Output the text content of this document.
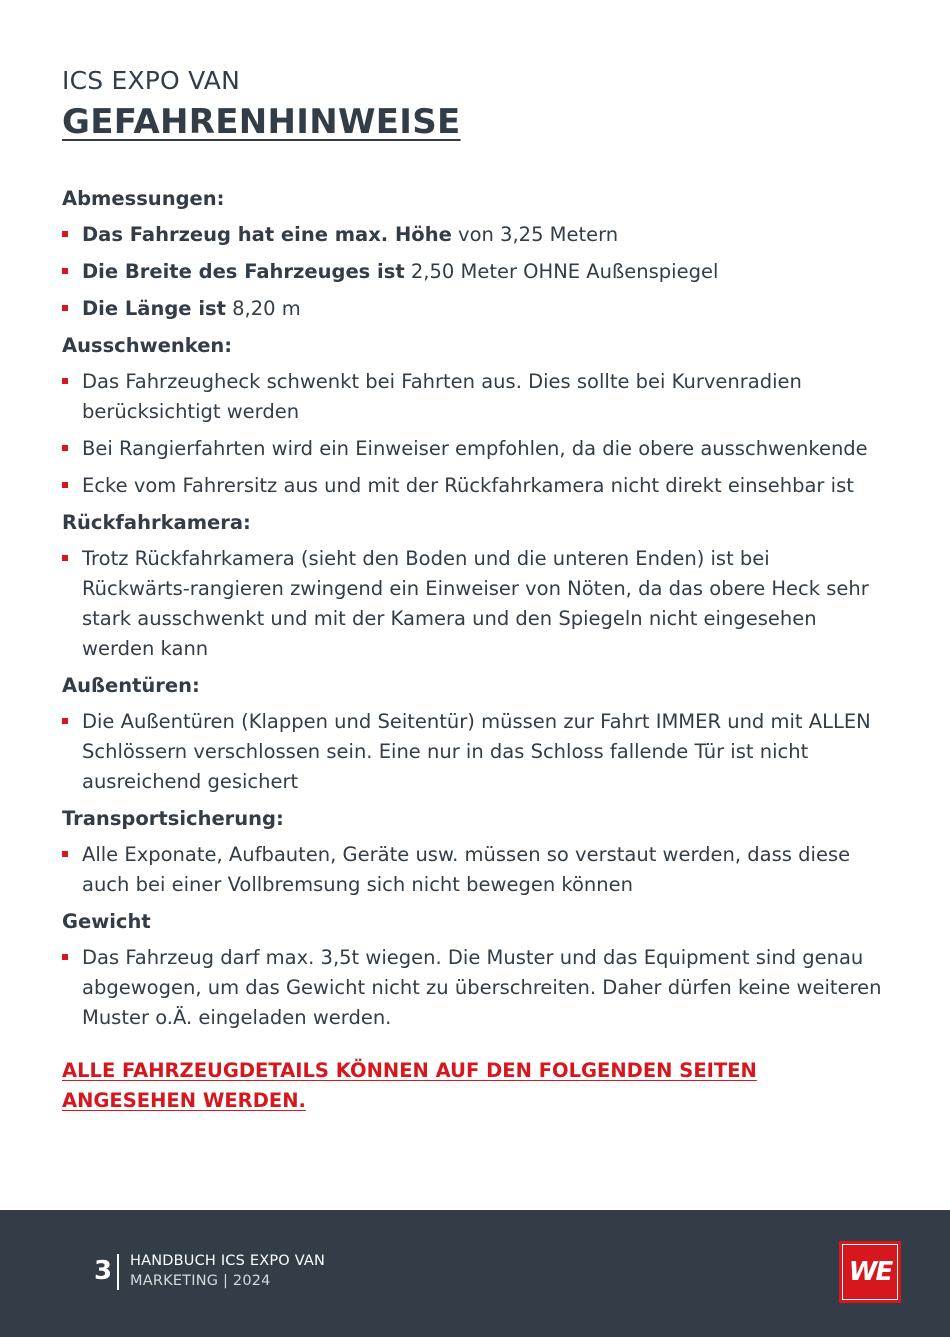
ICS EXPO VAN
GEFAHRENHINWEISE
Abmessungen:
Das Fahrzeug hat eine max. Höhe von 3,25 Metern
Die Breite des Fahrzeuges ist 2,50 Meter OHNE Außenspiegel
Die Länge ist 8,20 m
Ausschwenken:
Das Fahrzeugheck schwenkt bei Fahrten aus. Dies sollte bei Kurvenradien berücksichtigt werden
Bei Rangierfahrten wird ein Einweiser empfohlen, da die obere ausschwenkende
Ecke vom Fahrersitz aus und mit der Rückfahrkamera nicht direkt einsehbar ist
Rückfahrkamera:
Trotz Rückfahrkamera (sieht den Boden und die unteren Enden) ist bei Rückwärts-rangieren zwingend ein Einweiser von Nöten, da das obere Heck sehr stark ausschwenkt und mit der Kamera und den Spiegeln nicht eingesehen werden kann
Außentüren:
Die Außentüren (Klappen und Seitentür) müssen zur Fahrt IMMER und mit ALLEN Schlössern verschlossen sein. Eine nur in das Schloss fallende Tür ist nicht ausreichend gesichert
Transportsicherung:
Alle Exponate, Aufbauten, Geräte usw. müssen so verstaut werden, dass diese auch bei einer Vollbremsung sich nicht bewegen können
Gewicht
Das Fahrzeug darf max. 3,5t wiegen. Die Muster und das Equipment sind genau abgewogen, um das Gewicht nicht zu überschreiten. Daher dürfen keine weiteren Muster o.Ä. eingeladen werden.
ALLE FAHRZEUGDETAILS KÖNNEN AUF DEN FOLGENDEN SEITEN ANGESEHEN WERDEN.
3 HANDBUCH ICS EXPO VAN
MARKETING | 2024	WE
